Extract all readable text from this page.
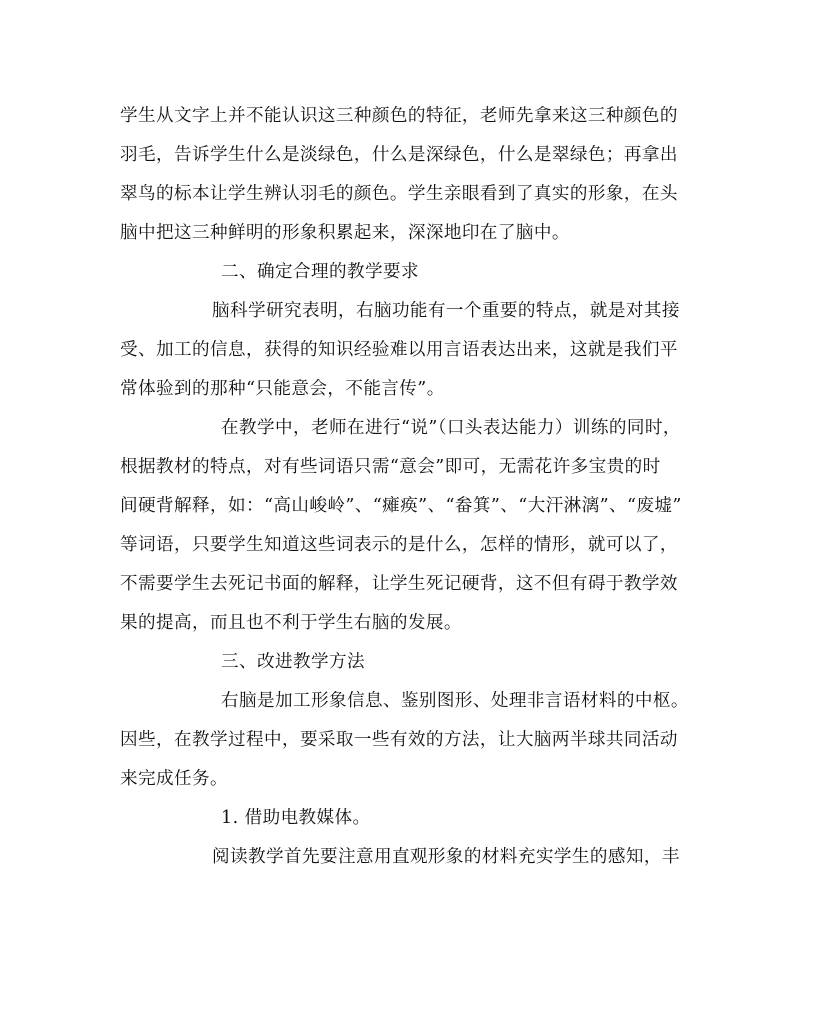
学生从文字上并不能认识这三种颜色的特征，老师先拿来这三种颜色的
羽毛，告诉学生什么是淡绿色，什么是深绿色，什么是翠绿色；再拿出
翠鸟的标本让学生辨认羽毛的颜色。学生亲眼看到了真实的形象，在头
脑中把这三种鲜明的形象积累起来，深深地印在了脑中。
二、确定合理的教学要求
脑科学研究表明，右脑功能有一个重要的特点，就是对其接
受、加工的信息，获得的知识经验难以用言语表达出来，这就是我们平
常体验到的那种“只能意会，不能言传”。
在教学中，老师在进行“说”（口头表达能力）训练的同时，
根据教材的特点，对有些词语只需“意会”即可，无需花许多宝贵的时
间硬背解释，如：“高山峻岭”、“瘫痪”、“畚箕”、“大汗淋漓”、“废墟”
等词语，只要学生知道这些词表示的是什么，怎样的情形，就可以了，
不需要学生去死记书面的解释，让学生死记硬背，这不但有碍于教学效
果的提高，而且也不利于学生右脑的发展。
三、改进教学方法
右脑是加工形象信息、鉴别图形、处理非言语材料的中枢。
因些，在教学过程中，要采取一些有效的方法，让大脑两半球共同活动
来完成任务。
1. 借助电教媒体。
阅读教学首先要注意用直观形象的材料充实学生的感知，丰
